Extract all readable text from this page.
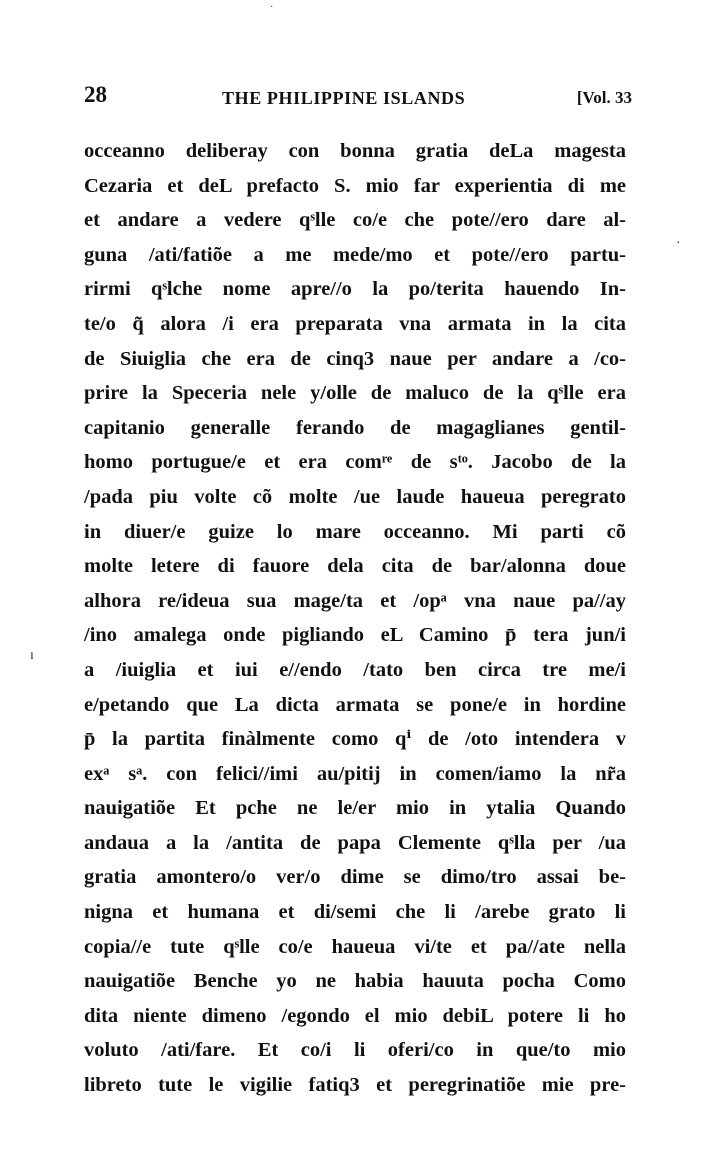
·
·
ı
28	THE PHILIPPINE ISLANDS	[Vol. 33
occeanno deliberay con bonna gratia deLa magesta
Cezaria et deL prefacto S. mio far experientia di me
et andare a vedere qˢlle co/e che pote//ero dare al-
guna /ati/fatiõe a me mede/mo et pote//ero partu-
rirmi qˢlche nome apre//o la po/terita hauendo In-
te/o q̃ alora /i era preparata vna armata in la cita
de Siuiglia che era de cinq3 naue per andare a /co-
prire la Speceria nele y/olle de maluco de la qˢlle era
capitanio generalle ferando de magaglianes gentil-
homo portugue/e et era comʳᵉ de sᵗᵒ. Jacobo de la
/pada piu volte cõ molte /ue laude haueua peregrato
in diuer/e guize lo mare occeanno. Mi parti cõ
molte letere di fauore dela cita de bar/alonna doue
alhora re/ideua sua mage/ta et /opᵃ vna naue pa//ay
/ino amalega onde pigliando eL Camino p̄ tera jun/i
a /iuiglia et iui e//endo /tato ben circa tre me/i
e/petando que La dicta armata se pone/e in hordine
p̄ la partita finàlmente como qⁱ de /oto intendera v
exᵃ sᵃ. con felici//imi au/pitij in comen/iamo la nr̃a
nauigatiõe Et pche ne le/er mio in ytalia Quando
andaua a la /antita de papa Clemente qˢlla per /ua
gratia amontero/o ver/o dime se dimo/tro assai be-
nigna et humana et di/semi che li /arebe grato li
copia//e tute qˢlle co/e haueua vi/te et pa//ate nella
nauigatiõe Benche yo ne habia hauuta pocha Como
dita niente dimeno /egondo el mio debiL potere li ho
voluto /ati/fare. Et co/i li oferi/co in que/to mio
libreto tute le vigilie fatiq3 et peregrinatiõe mie pre-
